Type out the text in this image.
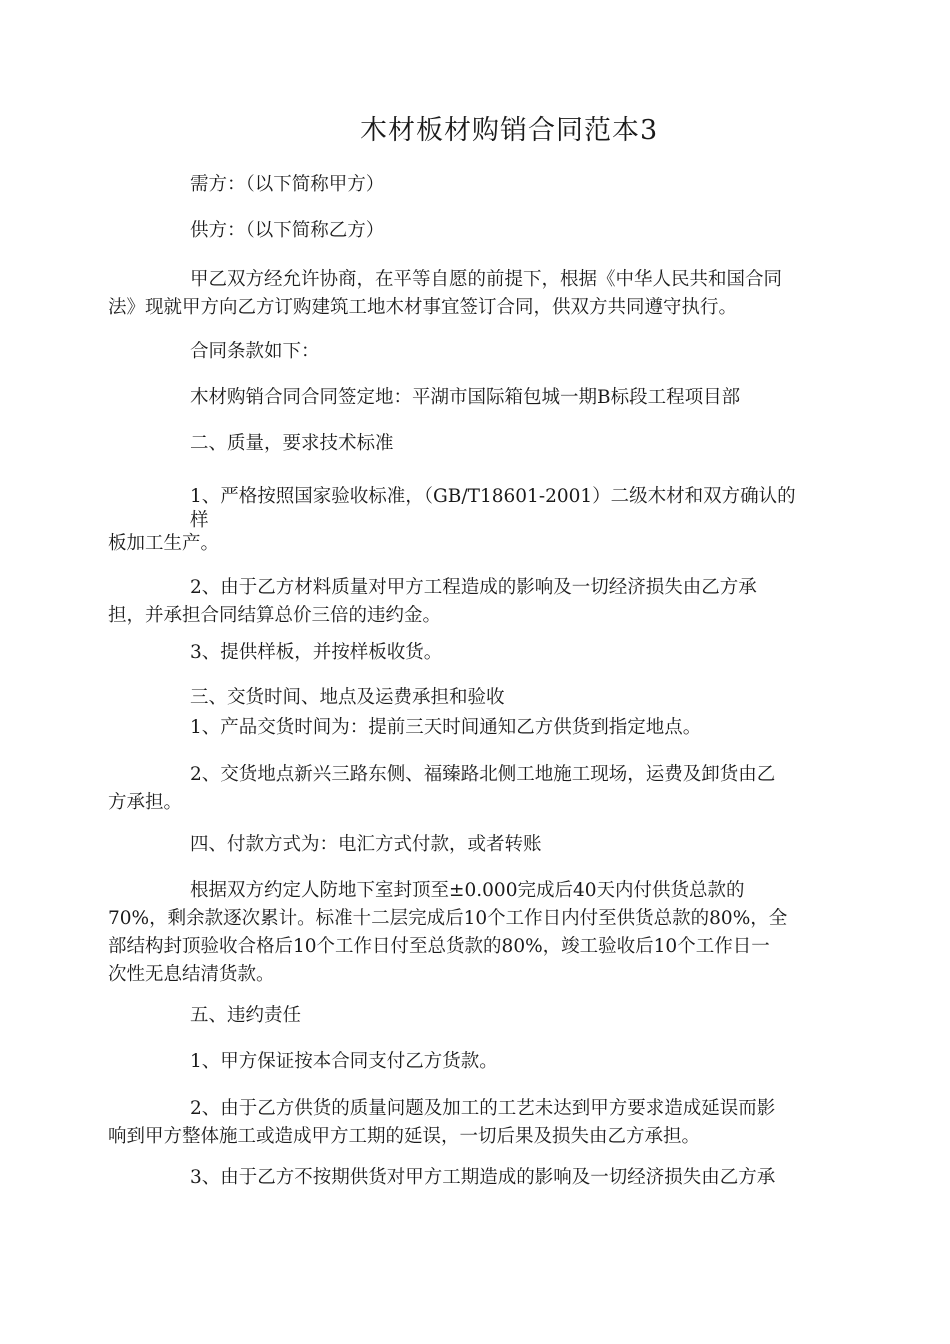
木材板材购销合同范本3
需方：（以下简称甲方）
供方：（以下简称乙方）

甲乙双方经允许协商，在平等自愿的前提下，根据《中华人民共和国合同

法》现就甲方向乙方订购建筑工地木材事宜签订合同，供双方共同遵守执行。

合同条款如下：
木材购销合同合同签定地：平湖市国际箱包城一期B标段工程项目部
二、质量，要求技术标准
1、严格按照国家验收标准，（GB/T18601-2001）二级木材和双方确认的
样
板加工生产。

2、由于乙方材料质量对甲方工程造成的影响及一切经济损失由乙方承

担，并承担合同结算总价三倍的违约金。

3、提供样板，并按样板收货。
三、交货时间、地点及运费承担和验收
1、产品交货时间为：提前三天时间通知乙方供货到指定地点。

2、交货地点新兴三路东侧、福臻路北侧工地施工现场，运费及卸货由乙

方承担。

四、付款方式为：电汇方式付款，或者转账

根据双方约定人防地下室封顶至±0.000完成后40天内付供货总款的

70%，剩余款逐次累计。标准十二层完成后10个工作日内付至供货总款的80%，全

部结构封顶验收合格后10个工作日付至总货款的80%，竣工验收后10个工作日一

次性无息结清货款。

五、违约责任
1、甲方保证按本合同支付乙方货款。

2、由于乙方供货的质量问题及加工的工艺未达到甲方要求造成延误而影

响到甲方整体施工或造成甲方工期的延误，一切后果及损失由乙方承担。

3、由于乙方不按期供货对甲方工期造成的影响及一切经济损失由乙方承
